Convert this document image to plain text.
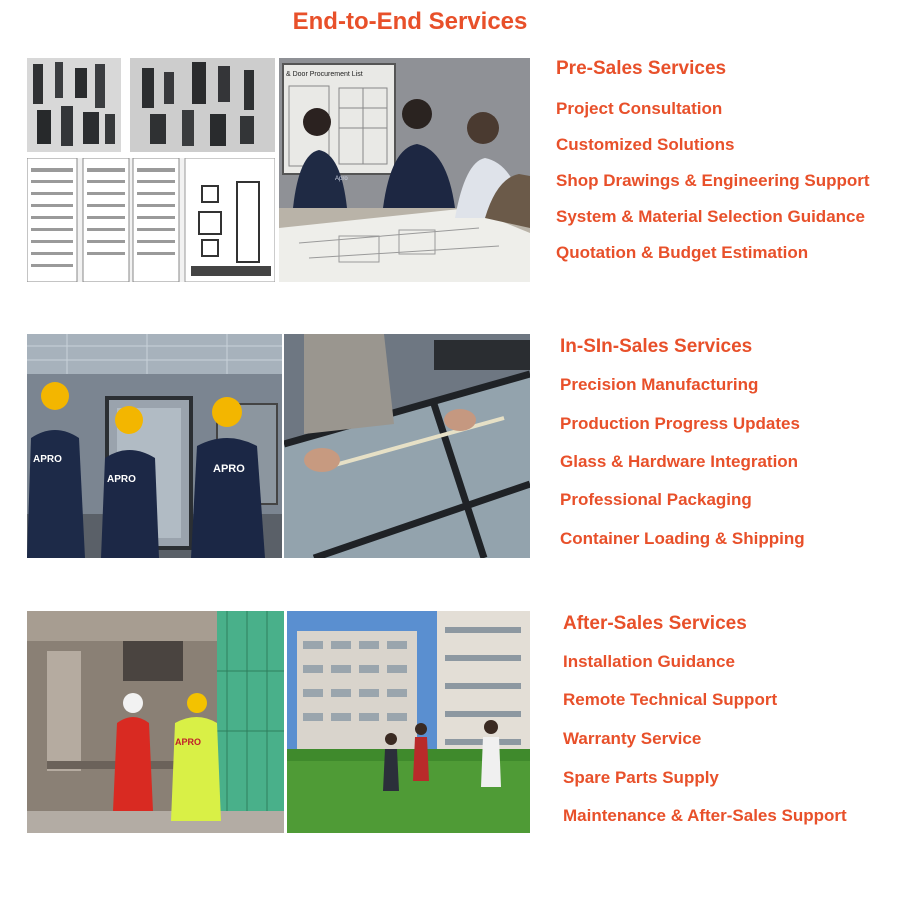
End-to-End Services
& Door Procurement List
Apro
Pre-Sales Services
Project Consultation
Customized Solutions
Shop Drawings & Engineering Support
System & Material Selection Guidance
Quotation & Budget Estimation
APRO
APRO
APRO
In-SIn-Sales Services
Precision Manufacturing
Production Progress Updates
Glass & Hardware Integration
Professional Packaging
Container Loading & Shipping
APRO
After-Sales Services
Installation Guidance
Remote Technical Support
Warranty Service
Spare Parts Supply
Maintenance & After-Sales Support
